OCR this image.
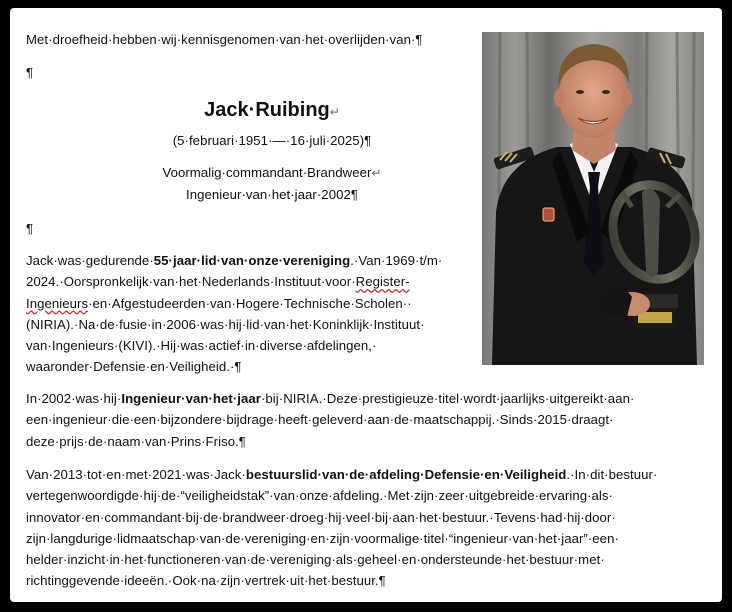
Met·droefheid·hebben·wij·kennisgenomen·van·het·overlijden·van·¶
¶
Jack·Ruibing↵
(5·februari·1951·—·16·juli·2025)¶
Voormalig·commandant·Brandweer↵
Ingenieur·van·het·jaar·2002¶
¶
Jack·was·gedurende·55·jaar·lid·van·onze·vereniging.·Van·1969·t/m·
2024.·Oorspronkelijk·van·het·Nederlands·Instituut·voor·Register-
Ingenieurs·en·Afgestudeerden·van·Hogere·Technische·Scholen··
(NIRIA).·Na·de·fusie·in·2006·was·hij·lid·van·het·Koninklijk·Instituut·
van·Ingenieurs·(KIVI).·Hij·was·actief·in·diverse·afdelingen,·
waaronder·Defensie·en·Veiligheid.·¶
In·2002·was·hij·Ingenieur·van·het·jaar·bij·NIRIA.·Deze·prestigieuze·titel·wordt·jaarlijks·uitgereikt·aan·
een·ingenieur·die·een·bijzondere·bijdrage·heeft·geleverd·aan·de·maatschappij.·Sinds·2015·draagt·
deze·prijs·de·naam·van·Prins·Friso.¶
Van·2013·tot·en·met·2021·was·Jack·bestuurslid·van·de·afdeling·Defensie·en·Veiligheid.·In·dit·bestuur·
vertegenwoordigde·hij·de·“veiligheidstak”·van·onze·afdeling.·Met·zijn·zeer·uitgebreide·ervaring·als·
innovator·en·commandant·bij·de·brandweer·droeg·hij·veel·bij·aan·het·bestuur.·Tevens·had·hij·door·
zijn·langdurige·lidmaatschap·van·de·vereniging·en·zijn·voormalige·titel·“ingenieur·van·het·jaar”·een·
helder·inzicht·in·het·functioneren·van·de·vereniging·als·geheel·en·ondersteunde·het·bestuur·met·
richtinggevende·ideeën.·Ook·na·zijn·vertrek·uit·het·bestuur.¶
